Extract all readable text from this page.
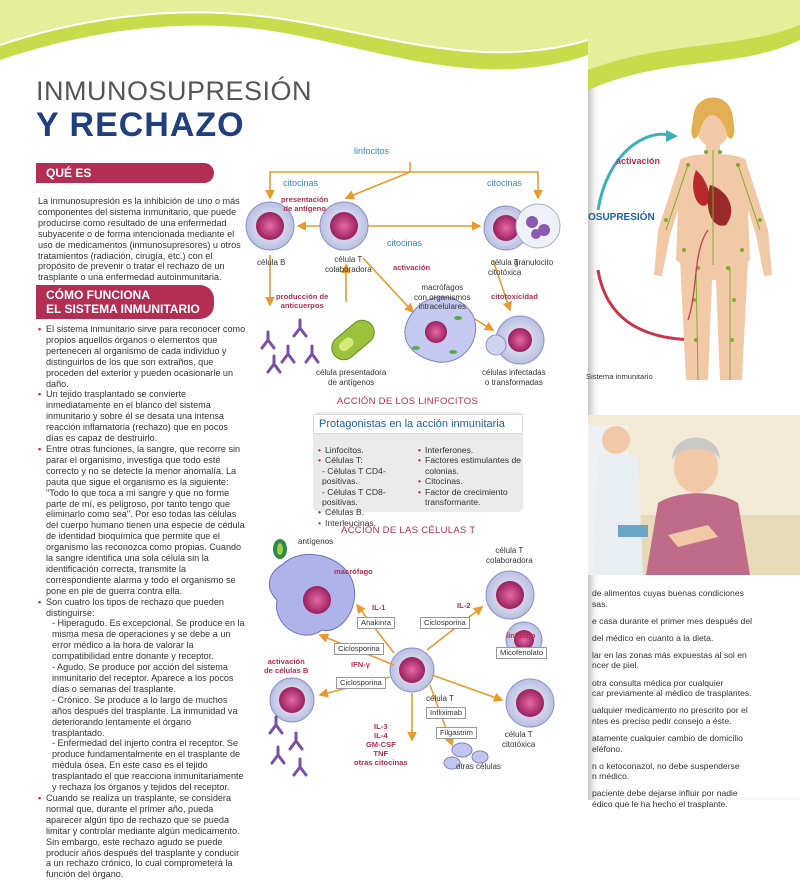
activación
OSUPRESIÓN
Sistema inmunitario
de alimentos cuyas buenas condiciones
sas.
e casa durante el primer mes después del
del médico en cuanto a la dieta.
lar en las zonas más expuestas al sol en
ncer de piel.
otra consulta médica por cualquier
car previamente al médico de trasplantes.
ualquier medicamento no prescrito por el
ntes es preciso pedir consejo a éste.
atamente cualquier cambio de domicilio
eléfono.
n o ketoconazol, no debe suspenderse
n médico.
paciente debe dejarse influir por nadie
édico que le ha hecho el trasplante.
INMUNOSUPRESIÓN
Y RECHAZO
QUÉ ES
La inmunosupresión es la inhibición de uno o más componentes del sistema inmunitario, que puede producirse como resultado de una enfermedad subyacente o de forma intencionada mediante el uso de medicamentos (inmunosupresores) u otros tratamientos (radiación, cirugía, etc.) con el propósito de prevenir o tratar el rechazo de un trasplante o una enfermedad autoinmunitaria.
CÓMO FUNCIONA
EL SISTEMA INMUNITARIO
• El sistema inmunitario sirve para reconocer como propios aquellos órganos o elementos que pertenecen al organismo de cada individuo y distinguirlos de los que son extraños, que proceden del exterior y pueden ocasionarle un daño.
• Un tejido trasplantado se convierte inmediatamente en el blanco del sistema inmunitario y sobre él se desata una intensa reacción inflamatoria (rechazo) que en pocos días es capaz de destruirlo.
• Entre otras funciones, la sangre, que recorre sin parar el organismo, investiga que todo esté correcto y no se detecte la menor anomalía. La pauta que sigue el organismo es la siguiente: "Todo lo que toca a mi sangre y que no forme parte de mí, es peligroso, por tanto tengo que eliminarlo como sea". Por eso todas las células del cuerpo humano tienen una especie de cédula de identidad bioquímica que permite que el organismo las reconozca como propias. Cuando la sangre identifica una sola célula sin la identificación correcta, transmite la correspondiente alarma y todo el organismo se pone en pie de guerra contra ella.
• Son cuatro los tipos de rechazo que pueden distinguirse:
- Hiperagudo. Es excepcional. Se produce en la misma mesa de operaciones y se debe a un error médico a la hora de valorar la compatibilidad entre donante y receptor.
- Agudo. Se produce por acción del sistema inmunitario del receptor. Aparece a los pocos días o semanas del trasplante.
- Crónico. Se produce a lo largo de muchos años después del trasplante. La inmunidad va deteriorando lentamente el órgano trasplantado.
- Enfermedad del injerto contra el receptor. Se produce fundamentalmente en el trasplante de médula ósea. En este caso es el tejido trasplantado el que reacciona inmunitariamente y rechaza los órganos y tejidos del receptor.
• Cuando se realiza un trasplante, se considera normal que, durante el primer año, pueda aparecer algún tipo de rechazo que se pueda limitar y controlar mediante algún medicamento. Sin embargo, este rechazo agudo se puede producir años después del trasplante y conducir a un rechazo crónico, lo cual comprometerá la función del órgano.
linfocitos
citocinas	citocinas
citocinas
presentación
de antígeno
activación
producción de
anticuerpos
citotoxicidad
célula B	célula T
colaboradora
célula T
citotóxica
granulocito
macrófagos
con organismos
intracelulares
célula presentadora
de antígenos
células infectadas
o transformadas
ACCIÓN DE LOS LINFOCITOS
Protagonistas en la acción inmunitaria
• Linfocitos.
• Células T:
- Células T CD4-positivas.
- Células T CD8-positivas.
• Células B.
• Interleucinas.
• Interferones.
• Factores estimulantes de colonias.
• Citocinas.
• Factor de crecimiento transformante.
ACCIÓN DE LAS CÉLULAS T
antígenos
macrófago
célula T
colaboradora
IL-1	IL-2
Anakinra	Ciclosporina
linfocito
Micofenolato
Ciclosporina
IFN-γ
Ciclosporina
activación
de células B
célula T
Infliximab
Filgastrim	célula T
citotóxica
IL-3
IL-4
GM-CSF
TNF
otras citocinas	otras células
